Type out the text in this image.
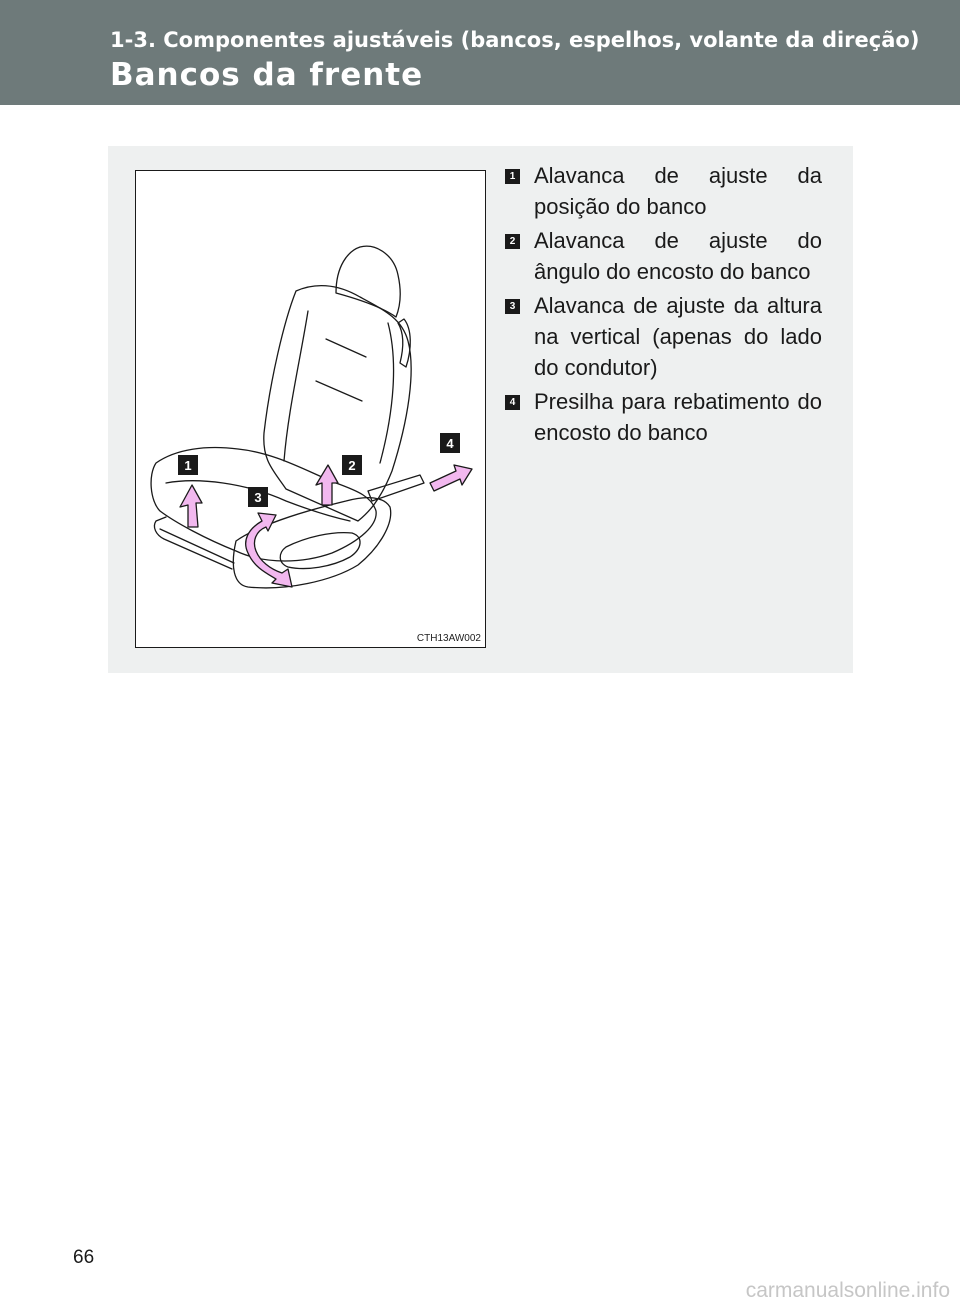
1-3. Componentes ajustáveis (bancos, espelhos, volante da direção)
Bancos da frente
1	2
3
4
CTH13AW002
1 Alavanca de ajuste da posição do banco
2 Alavanca de ajuste do ângulo do encosto do banco
3 Alavanca de ajuste da altura na vertical (apenas do lado do condutor)
4 Presilha para rebatimento do encosto do banco
66
carmanualsonline.info
